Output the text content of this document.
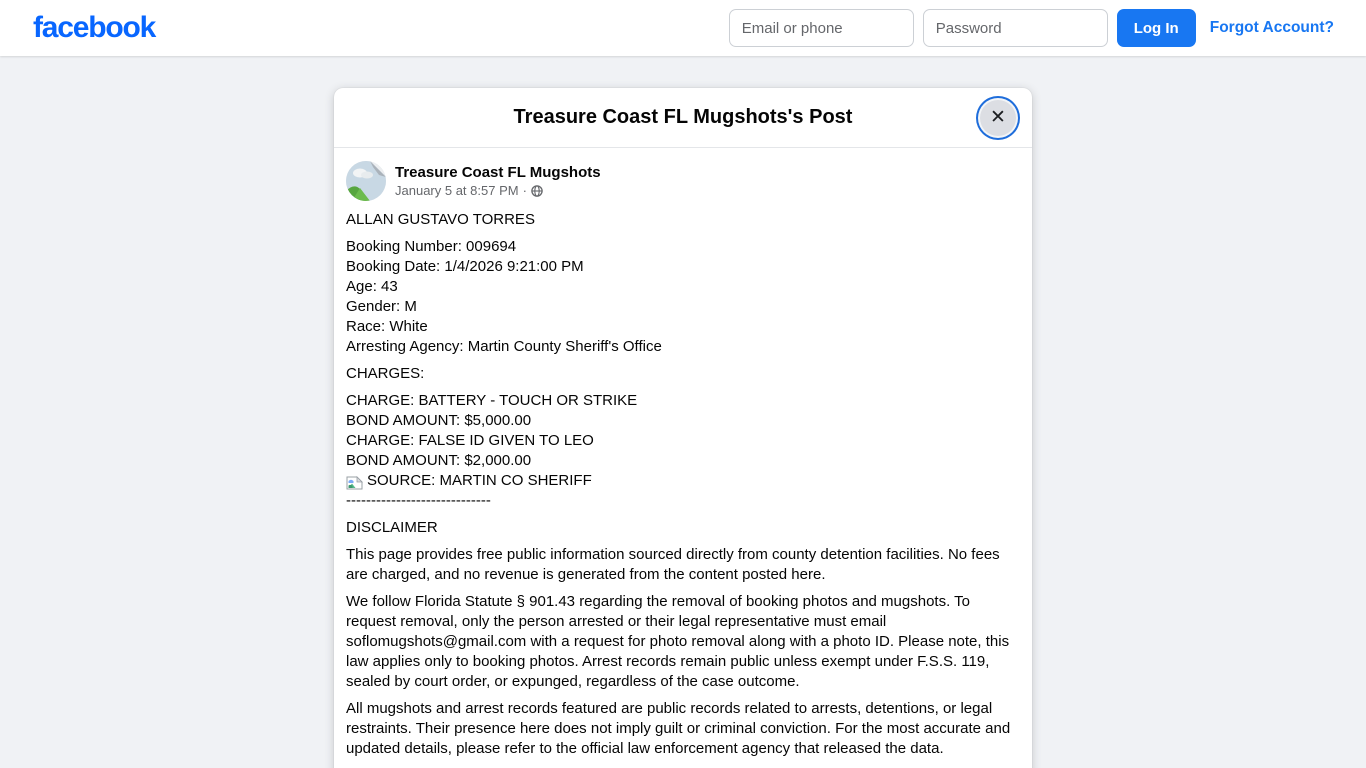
facebook
Email or phone	Log In	Forgot Account?
Treasure Coast FL Mugshots's Post	✕
Treasure Coast FL Mugshots
January 5 at 8:57 PM ·
ALLAN GUSTAVO TORRES
Booking Number: 009694
Booking Date: 1/4/2026 9:21:00 PM
Age: 43
Gender: M
Race: White
Arresting Agency: Martin County Sheriff's Office
CHARGES:
CHARGE: BATTERY - TOUCH OR STRIKE
BOND AMOUNT: $5,000.00
CHARGE: FALSE ID GIVEN TO LEO
BOND AMOUNT: $2,000.00
SOURCE: MARTIN CO SHERIFF
-----------------------------
DISCLAIMER
This page provides free public information sourced directly from county detention facilities. No fees are charged, and no revenue is generated from the content posted here.
We follow Florida Statute § 901.43 regarding the removal of booking photos and mugshots. To request removal, only the person arrested or their legal representative must email soflomugshots@gmail.com with a request for photo removal along with a photo ID. Please note, this law applies only to booking photos. Arrest records remain public unless exempt under F.S.S. 119, sealed by court order, or expunged, regardless of the case outcome.
All mugshots and arrest records featured are public records related to arrests, detentions, or legal restraints. Their presence here does not imply guilt or criminal conviction. For the most accurate and updated details, please refer to the official law enforcement agency that released the data.
